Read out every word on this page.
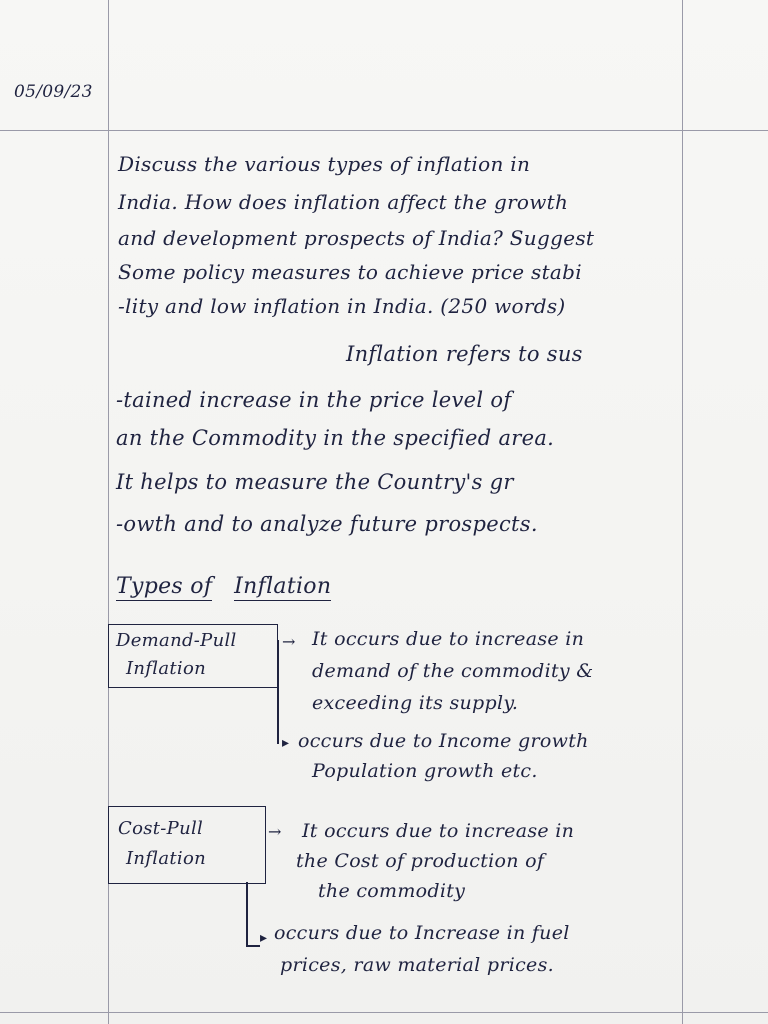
05/09/23
Discuss the various types of inflation in
India. How does inflation affect the growth
and development prospects of India? Suggest
Some policy measures to achieve price stabi
-lity and low inflation in India. (250 words)
Inflation refers to sus
-tained increase in the price level of
an the Commodity in the specified area.
It helps to measure the Country's gr
-owth and to analyze future prospects.
Types of Inflation
Demand-Pull
Inflation
→
▸
It occurs due to increase in
demand of the commodity &
exceeding its supply.
occurs due to Income growth
Population growth etc.
Cost-Pull
Inflation
→
▸
It occurs due to increase in
the Cost of production of
the commodity
occurs due to Increase in fuel
prices, raw material prices.
